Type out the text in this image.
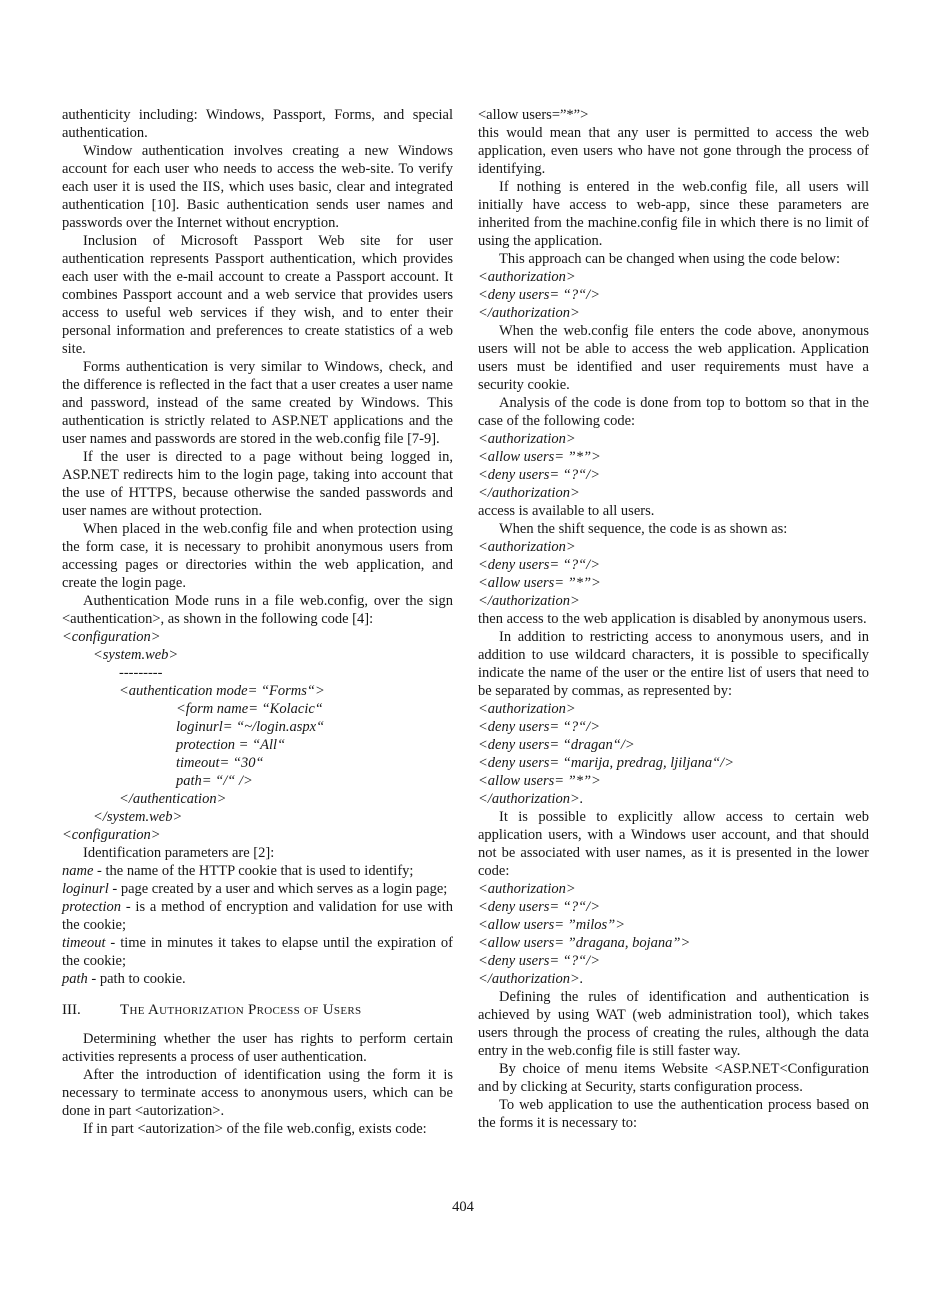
authenticity including: Windows, Passport, Forms, and special authentication.

Window authentication involves creating a new Windows account for each user who needs to access the web-site. To verify each user it is used the IIS, which uses basic, clear and integrated authentication [10]. Basic authentication sends user names and passwords over the Internet without encryption.

Inclusion of Microsoft Passport Web site for user authentication represents Passport authentication, which provides each user with the e-mail account to create a Passport account. It combines Passport account and a web service that provides users access to useful web services if they wish, and to enter their personal information and preferences to create statistics of a web site.

Forms authentication is very similar to Windows, check, and the difference is reflected in the fact that a user creates a user name and password, instead of the same created by Windows. This authentication is strictly related to ASP.NET applications and the user names and passwords are stored in the web.config file [7-9].

If the user is directed to a page without being logged in, ASP.NET redirects him to the login page, taking into account that the use of HTTPS, because otherwise the sanded passwords and user names are without protection.

When placed in the web.config file and when protection using the form case, it is necessary to prohibit anonymous users from accessing pages or directories within the web application, and create the login page.

Authentication Mode runs in a file web.config, over the sign <authentication>, as shown in the following code [4]:

<configuration>
<system.web>
---------
<authentication mode= “Forms“>
<form name= “Kolacic“
loginurl= “~/login.aspx“
protection = “All“
timeout= “30“
path= “/“ />
</authentication>
</system.web>
<configuration>

Identification parameters are [2]:

name - the name of the HTTP cookie that is used to identify;

loginurl - page created by a user and which serves as a login page;

protection - is a method of encryption and validation for use with the cookie;

timeout - time in minutes it takes to elapse until the expiration of the cookie;

path - path to cookie.

III.	The Authorization Process of Users

Determining whether the user has rights to perform certain activities represents a process of user authentication.

After the introduction of identification using the form it is necessary to terminate access to anonymous users, which can be done in part <autorization>.

If in part <autorization> of the file web.config, exists code:

<allow users=”*”>

this would mean that any user is permitted to access the web application, even users who have not gone through the process of identifying.

If nothing is entered in the web.config file, all users will initially have access to web-app, since these parameters are inherited from the machine.config file in which there is no limit of using the application.

This approach can be changed when using the code below:

<authorization>
<deny users= “?“/>
</authorization>

When the web.config file enters the code above, anonymous users will not be able to access the web application. Application users must be identified and user requirements must have a security cookie.

Analysis of the code is done from top to bottom so that in the case of the following code:

<authorization>
<allow users= ”*”>
<deny users= “?“/>
</authorization>

access is available to all users.

When the shift sequence, the code is as shown as:

<authorization>
<deny users= “?“/>
<allow users= ”*”>
</authorization>

then access to the web application is disabled by anonymous users.

In addition to restricting access to anonymous users, and in addition to use wildcard characters, it is possible to specifically indicate the name of the user or the entire list of users that need to be separated by commas, as represented by:

<authorization>
<deny users= “?“/>
<deny users= “dragan“/>
<deny users= “marija, predrag, ljiljana“/>
<allow users= ”*”>
</authorization>.

It is possible to explicitly allow access to certain web application users, with a Windows user account, and that should not be associated with user names, as it is presented in the lower code:

<authorization>
<deny users= “?“/>
<allow users= ”milos”>
<allow users= ”dragana, bojana”>
<deny users= “?“/>
</authorization>.

Defining the rules of identification and authentication is achieved by using WAT (web administration tool), which takes users through the process of creating the rules, although the data entry in the web.config file is still faster way.

By choice of menu items Website <ASP.NET<Configuration and by clicking at Security, starts configuration process.

To web application to use the authentication process based on the forms it is necessary to:

404
